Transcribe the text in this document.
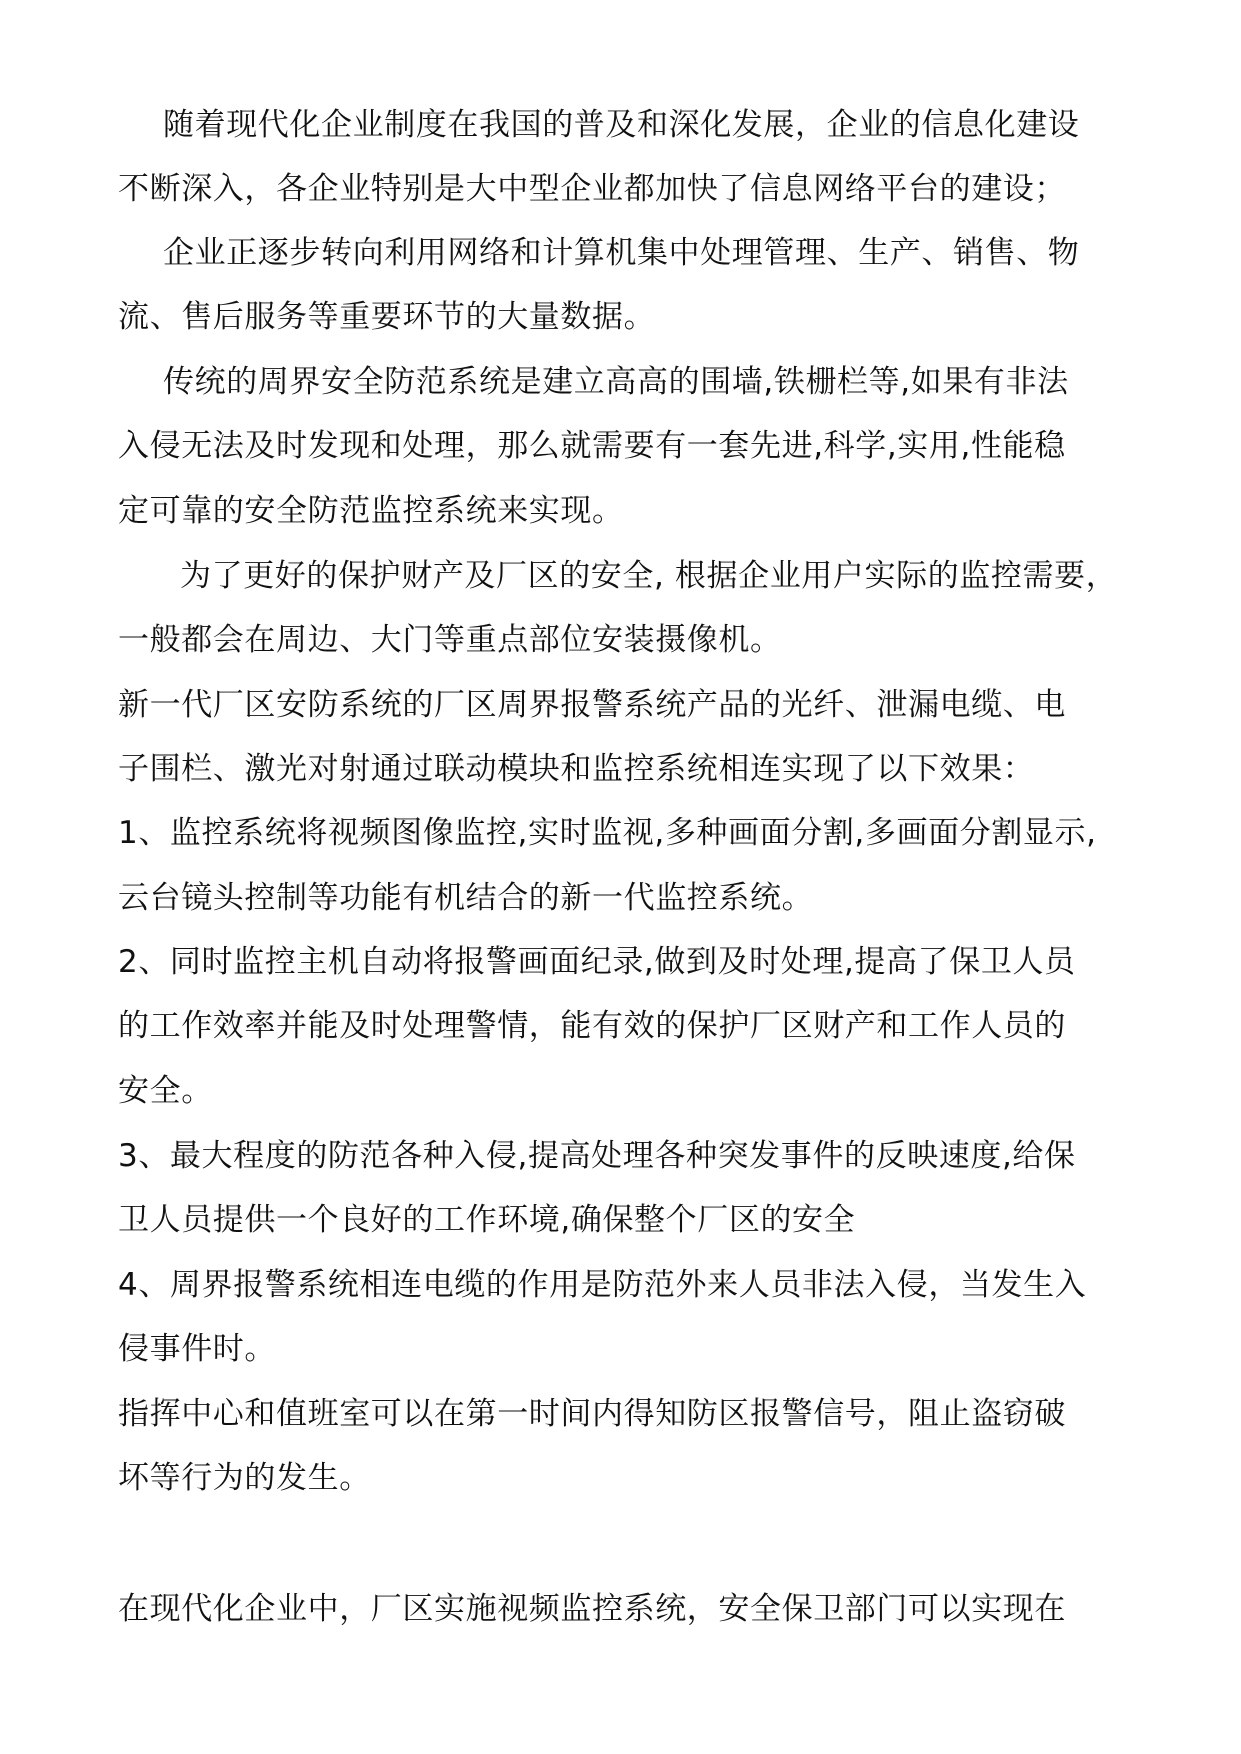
随着现代化企业制度在我国的普及和深化发展，企业的信息化建设
不断深入，各企业特别是大中型企业都加快了信息网络平台的建设；
企业正逐步转向利用网络和计算机集中处理管理、生产、销售、物
流、售后服务等重要环节的大量数据。
传统的周界安全防范系统是建立高高的围墙,铁栅栏等,如果有非法
入侵无法及时发现和处理，那么就需要有一套先进,科学,实用,性能稳
定可靠的安全防范监控系统来实现。
为了更好的保护财产及厂区的安全, 根据企业用户实际的监控需要，
一般都会在周边、大门等重点部位安装摄像机。
新一代厂区安防系统的厂区周界报警系统产品的光纤、泄漏电缆、电
子围栏、激光对射通过联动模块和监控系统相连实现了以下效果：
1、监控系统将视频图像监控,实时监视,多种画面分割,多画面分割显示,
云台镜头控制等功能有机结合的新一代监控系统。
2、同时监控主机自动将报警画面纪录,做到及时处理,提高了保卫人员
的工作效率并能及时处理警情，能有效的保护厂区财产和工作人员的
安全。
3、最大程度的防范各种入侵,提高处理各种突发事件的反映速度,给保
卫人员提供一个良好的工作环境,确保整个厂区的安全
4、周界报警系统相连电缆的作用是防范外来人员非法入侵，当发生入
侵事件时。
指挥中心和值班室可以在第一时间内得知防区报警信号，阻止盗窃破
坏等行为的发生。
在现代化企业中，厂区实施视频监控系统，安全保卫部门可以实现在
